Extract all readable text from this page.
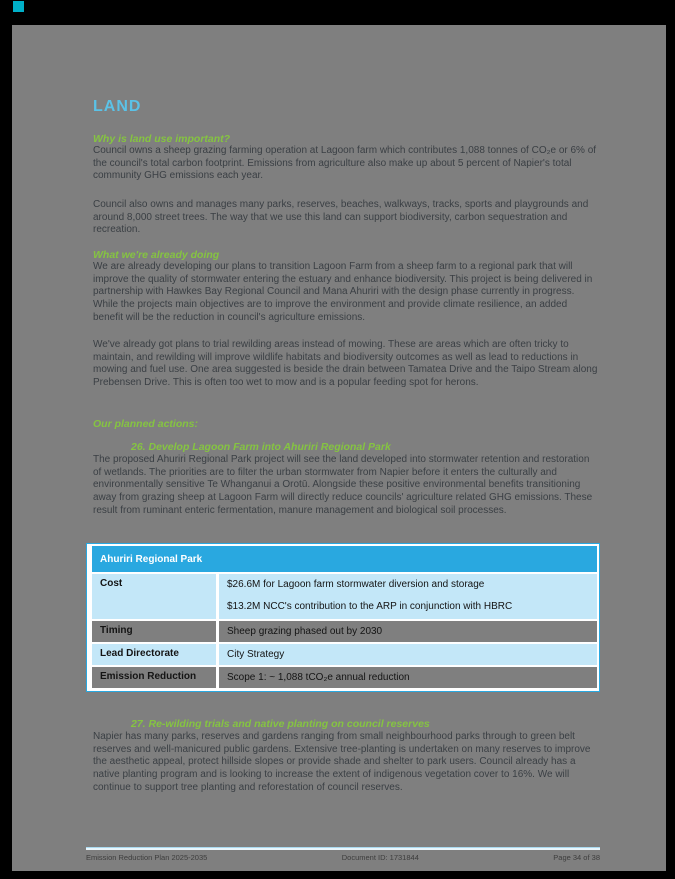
LAND
Why is land use important?
Council owns a sheep grazing farming operation at Lagoon farm which contributes 1,088 tonnes of CO₂e or 6% of the council's total carbon footprint. Emissions from agriculture also make up about 5 percent of Napier's total community GHG emissions each year.
Council also owns and manages many parks, reserves, beaches, walkways, tracks, sports and playgrounds and around 8,000 street trees. The way that we use this land can support biodiversity, carbon sequestration and recreation.
What we're already doing
We are already developing our plans to transition Lagoon Farm from a sheep farm to a regional park that will improve the quality of stormwater entering the estuary and enhance biodiversity. This project is being delivered in partnership with Hawkes Bay Regional Council and Mana Ahuriri with the design phase currently in progress. While the projects main objectives are to improve the environment and provide climate resilience, an added benefit will be the reduction in council's agriculture emissions.
We've already got plans to trial rewilding areas instead of mowing. These are areas which are often tricky to maintain, and rewilding will improve wildlife habitats and biodiversity outcomes as well as lead to reductions in mowing and fuel use. One area suggested is beside the drain between Tamatea Drive and the Taipo Stream along Prebensen Drive. This is often too wet to mow and is a popular feeding spot for herons.
Our planned actions:
26. Develop Lagoon Farm into Ahuriri Regional Park
The proposed Ahuriri Regional Park project will see the land developed into stormwater retention and restoration of wetlands. The priorities are to filter the urban stormwater from Napier before it enters the culturally and environmentally sensitive Te Whanganui a Orotū. Alongside these positive environmental benefits transitioning away from grazing sheep at Lagoon Farm will directly reduce councils' agriculture related GHG emissions. These result from ruminant enteric fermentation, manure management and biological soil processes.
Ahuriri Regional Park
Cost	$26.6M for Lagoon farm stormwater diversion and storage
$13.2M NCC's contribution to the ARP in conjunction with HBRC
Timing	Sheep grazing phased out by 2030
Lead Directorate	City Strategy
Emission Reduction	Scope 1: ~ 1,088 tCO₂e annual reduction
27. Re-wilding trials and native planting on council reserves
Napier has many parks, reserves and gardens ranging from small neighbourhood parks through to green belt reserves and well-manicured public gardens. Extensive tree-planting is undertaken on many reserves to improve the aesthetic appeal, protect hillside slopes or provide shade and shelter to park users. Council already has a native planting program and is looking to increase the extent of indigenous vegetation cover to 16%. We will continue to support tree planting and reforestation of council reserves.
Emission Reduction Plan 2025-2035	Document ID: 1731844	Page 34 of 38
